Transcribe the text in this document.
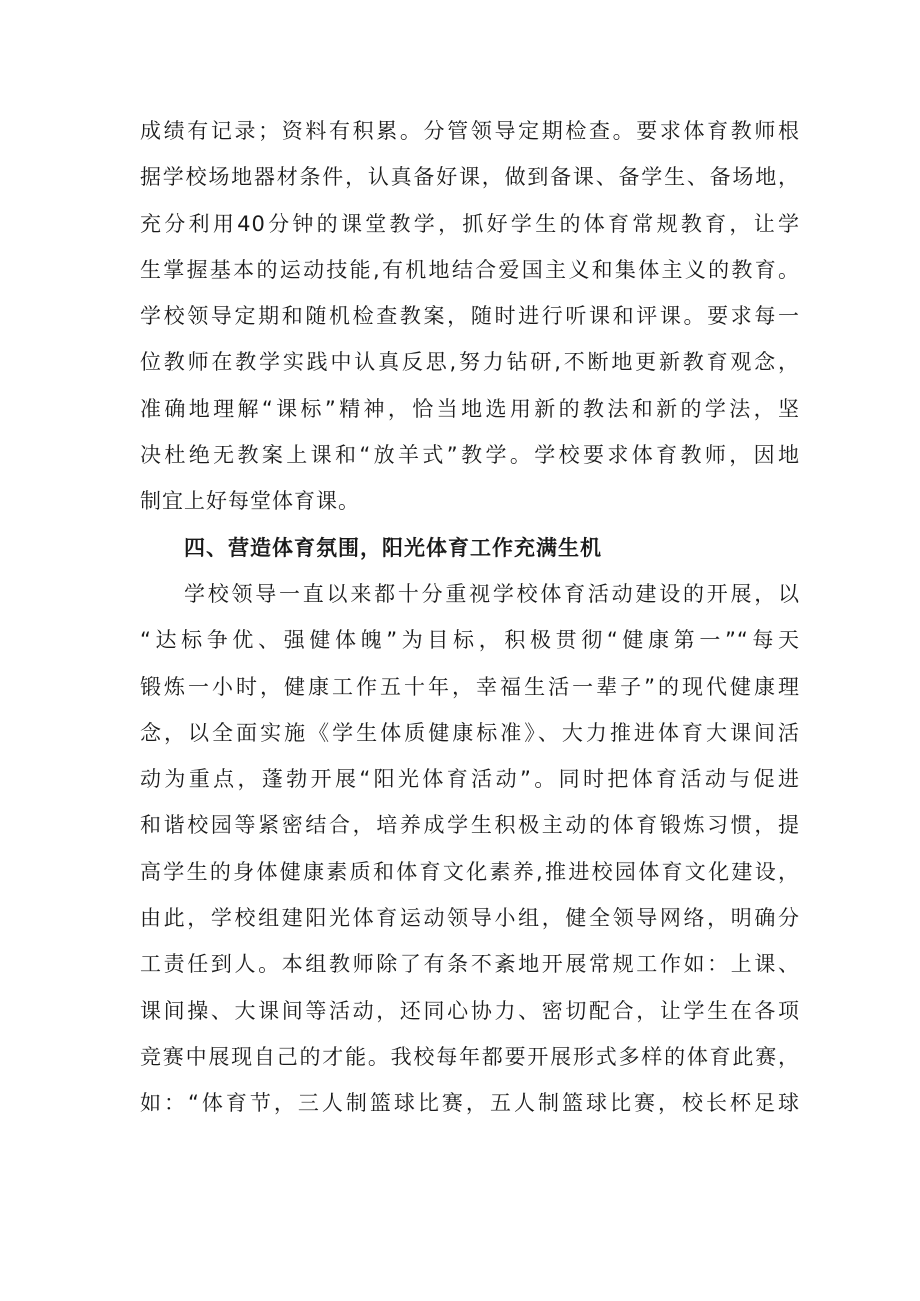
成绩有记录；资料有积累。分管领导定期检查。要求体育教师根
据学校场地器材条件，认真备好课，做到备课、备学生、备场地，
充分利用40分钟的课堂教学，抓好学生的体育常规教育，让学
生掌握基本的运动技能,有机地结合爱国主义和集体主义的教育。
学校领导定期和随机检查教案，随时进行听课和评课。要求每一
位教师在教学实践中认真反思,努力钻研,不断地更新教育观念，
准确地理解“课标”精神，恰当地选用新的教法和新的学法，坚
决杜绝无教案上课和“放羊式”教学。学校要求体育教师，因地
制宜上好每堂体育课。
四、营造体育氛围，阳光体育工作充满生机
学校领导一直以来都十分重视学校体育活动建设的开展，以
“达标争优、强健体魄”为目标，积极贯彻“健康第一”“每天
锻炼一小时，健康工作五十年，幸福生活一辈子”的现代健康理
念，以全面实施《学生体质健康标准》、大力推进体育大课间活
动为重点，蓬勃开展“阳光体育活动”。同时把体育活动与促进
和谐校园等紧密结合，培养成学生积极主动的体育锻炼习惯，提
高学生的身体健康素质和体育文化素养,推进校园体育文化建设，
由此，学校组建阳光体育运动领导小组，健全领导网络，明确分
工责任到人。本组教师除了有条不紊地开展常规工作如：上课、
课间操、大课间等活动，还同心协力、密切配合，让学生在各项
竞赛中展现自己的才能。我校每年都要开展形式多样的体育此赛，
如：“体育节，三人制篮球比赛，五人制篮球比赛，校长杯足球
